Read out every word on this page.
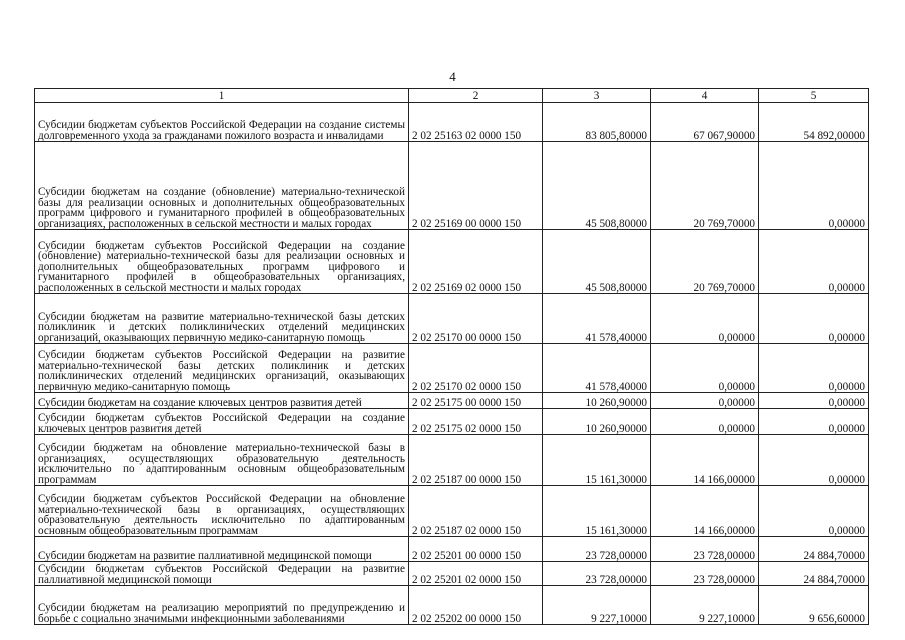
4
1	2	3	4	5
Субсидии бюджетам субъектов Российской Федерации на создание системы долговременного ухода за гражданами пожилого возраста и инвалидами	2 02 25163 02 0000 150	83 805,80000	67 067,90000	54 892,00000
Субсидии бюджетам на создание (обновление) материально-технической базы для реализации основных и дополнительных общеобразовательных программ цифрового и гуманитарного профилей в общеобразовательных организациях, расположенных в сельской местности и малых городах	2 02 25169 00 0000 150	45 508,80000	20 769,70000	0,00000
Субсидии бюджетам субъектов Российской Федерации на создание (обновление) материально-технической базы для реализации основных и дополнительных общеобразовательных программ цифрового и гуманитарного профилей в общеобразовательных организациях, расположенных в сельской местности и малых городах	2 02 25169 02 0000 150	45 508,80000	20 769,70000	0,00000
Субсидии бюджетам на развитие материально-технической базы детских поликлиник и детских поликлинических отделений медицинских организаций, оказывающих первичную медико-санитарную помощь	2 02 25170 00 0000 150	41 578,40000	0,00000	0,00000
Субсидии бюджетам субъектов Российской Федерации на развитие материально-технической базы детских поликлиник и детских поликлинических отделений медицинских организаций, оказывающих первичную медико-санитарную помощь	2 02 25170 02 0000 150	41 578,40000	0,00000	0,00000
Субсидии бюджетам на создание ключевых центров развития детей	2 02 25175 00 0000 150	10 260,90000	0,00000	0,00000
Субсидии бюджетам субъектов Российской Федерации на создание ключевых центров развития детей	2 02 25175 02 0000 150	10 260,90000	0,00000	0,00000
Субсидии бюджетам на обновление материально-технической базы в организациях, осуществляющих образовательную деятельность исключительно по адаптированным основным общеобразовательным программам	2 02 25187 00 0000 150	15 161,30000	14 166,00000	0,00000
Субсидии бюджетам субъектов Российской Федерации на обновление материально-технической базы в организациях, осуществляющих образовательную деятельность исключительно по адаптированным основным общеобразовательным программам	2 02 25187 02 0000 150	15 161,30000	14 166,00000	0,00000
Субсидии бюджетам на развитие паллиативной медицинской помощи	2 02 25201 00 0000 150	23 728,00000	23 728,00000	24 884,70000
Субсидии бюджетам субъектов Российской Федерации на развитие паллиативной медицинской помощи	2 02 25201 02 0000 150	23 728,00000	23 728,00000	24 884,70000
Субсидии бюджетам на реализацию мероприятий по предупреждению и борьбе с социально значимыми инфекционными заболеваниями	2 02 25202 00 0000 150	9 227,10000	9 227,10000	9 656,60000
